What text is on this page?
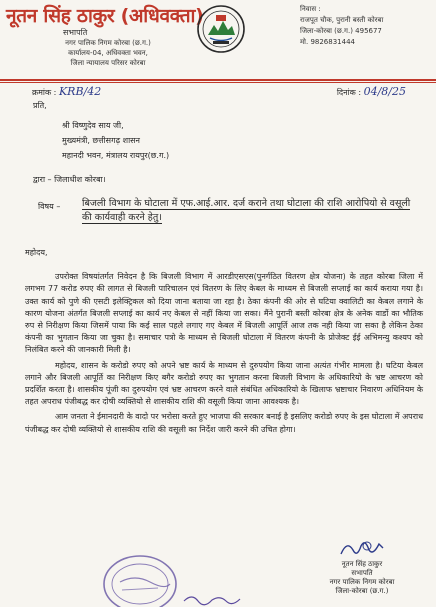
नूतन सिंह ठाकुर (अधिवक्ता)
सभापति
नगर पालिक निगम कोरबा (छ.ग.)
कार्यालय-04, अधिवक्ता भवन,
जिला न्यायालय परिसर कोरबा
निवास :
राजपूत चौक, पुरानी बस्ती कोरबा
जिला-कोरबा (छ.ग.) 495677
मो. 9826831444
क्रमांक : KRB/42	दिनांक : 04/8/25
प्रति,
श्री विष्णुदेव साय जी,
मुख्यमंत्री, छत्तीसगढ़ शासन
महानदी भवन, मंत्रालय रायपुर(छ.ग.)
द्वारा – जिलाधीश कोरबा।
विषय – बिजली विभाग के घोटाला में एफ.आई.आर. दर्ज कराने तथा घोटाला की राशि आरोपियो से वसूली की कार्यवाही करने हेतु।

महोदय,

उपरोक्त विषयांतर्गत निवेदन है कि बिजली विभाग में आरडीएसएस(पुनर्गठित वितरण क्षेत्र योजना) के तहत कोरबा जिला में लगभग 77 करोड रुपए की लागत से बिजली पारिचालन एवं वितरण के लिए केबल के माध्यम से बिजली सप्लाई का कार्य कराया गया है। उक्त कार्य को पुणे की एसटी इलेक्ट्रिकल को दिया जाना बताया जा रहा है। ठेका कंपनी की ओर से घटिया क्वालिटी का केबल लगाने के कारण योजना अंतर्गत बिजली सप्लाई का कार्य नए केबल से नहीं किया जा सका। मैंने पुरानी बस्ती कोरबा क्षेत्र के अनेक वार्डो का भौतिक रुप से निरीक्षण किया जिसमें पाया कि कई साल पहले लगाए गए केबल में बिजली आपूर्ति आज तक नही किया जा सका है लेकिन ठेका कंपनी का भुगतान किया जा चुका है। समाचार पत्रो के माध्यम से बिजली घोटाला में वितरण कंपनी के प्रोजेक्ट ईई अभिमन्यु कश्यप को निलंबित करने की जानकारी मिली है।

महोदय, शासन के करोडो रुपए को अपने भ्रष्ट कार्य के माध्यम से दुरुपयोग किया जाना अत्यंत गंभीर मामला है। घटिया केबल लगाने और बिजली आपूर्ति का निरीक्षण किए बगैर करोडो रुपए का भुगतान करना बिजली विभाग के अधिकारियो के भ्रष्ट आचरण को प्रदर्शित करता है। शासकीय पूंजी का दुरुपयोग एवं भ्रष्ट आचरण करने वाले संबंधित अधिकारियो के खिलाफ भ्रष्टाचार निवारण अधिनियम के तहत अपराध पंजीबद्ध कर दोषी व्यक्तियो से शासकीय राशि की वसूली किया जाना आवश्यक है।

आम जनता ने ईमानदारी के वादो पर भरोसा करते हुए भाजपा की सरकार बनाई है इसलिए करोडो रुपए के इस घोटाला में अपराध पंजीबद्ध कर दोषी व्यक्तियो से शासकीय राशि की वसूली का निर्देश जारी करने की उचित होगा।

नूतन सिंह ठाकुर
सभापति
नगर पालिक निगम कोरबा
जिला-कोरबा (छ.ग.)
